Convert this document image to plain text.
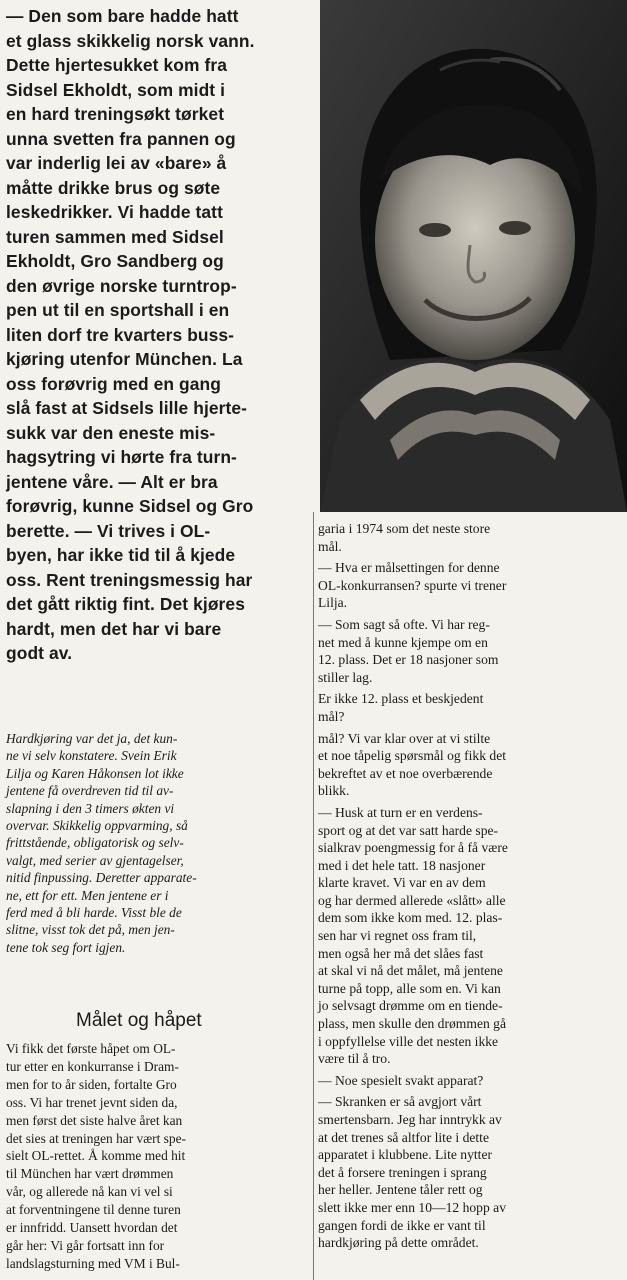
— Den som bare hadde hatt
et glass skikkelig norsk vann.
Dette hjertesukket kom fra
Sidsel Ekholdt, som midt i
en hard treningsøkt tørket
unna svetten fra pannen og
var inderlig lei av «bare» å
måtte drikke brus og søte
leskedrikker. Vi hadde tatt
turen sammen med Sidsel
Ekholdt, Gro Sandberg og
den øvrige norske turntrop-
pen ut til en sportshall i en
liten dorf tre kvarters buss-
kjøring utenfor München. La
oss forøvrig med en gang
slå fast at Sidsels lille hjerte-
sukk var den eneste mis-
hagsytring vi hørte fra turn-
jentene våre. — Alt er bra
forøvrig, kunne Sidsel og Gro
berette. — Vi trives i OL-
byen, har ikke tid til å kjede
oss. Rent treningsmessig har
det gått riktig fint. Det kjøres
hardt, men det har vi bare
godt av.
Hardkjøring var det ja, det kun-
ne vi selv konstatere. Svein Erik
Lilja og Karen Håkonsen lot ikke
jentene få overdreven tid til av-
slapning i den 3 timers økten vi
overvar. Skikkelig oppvarming, så
frittstående, obligatorisk og selv-
valgt, med serier av gjentagelser,
nitid finpussing. Deretter apparate-
ne, ett for ett. Men jentene er i
ferd med å bli harde. Visst ble de
slitne, visst tok det på, men jen-
tene tok seg fort igjen.
Målet og håpet
Vi fikk det første håpet om OL-
tur etter en konkurranse i Dram-
men for to år siden, fortalte Gro
oss. Vi har trenet jevnt siden da,
men først det siste halve året kan
det sies at treningen har vært spe-
sielt OL-rettet. Å komme med hit
til München har vært drømmen
vår, og allerede nå kan vi vel si
at forventningene til denne turen
er innfridd. Uansett hvordan det
går her: Vi går fortsatt inn for
landslagsturning med VM i Bul-
garia i 1974 som det neste store
mål.
— Hva er målsettingen for denne
OL-konkurransen? spurte vi trener
Lilja.
— Som sagt så ofte. Vi har reg-
net med å kunne kjempe om en
12. plass. Det er 18 nasjoner som
stiller lag.
Er ikke 12. plass et beskjedent
mål?
mål? Vi var klar over at vi stilte
et noe tåpelig spørsmål og fikk det
bekreftet av et noe overbærende
blikk.
— Husk at turn er en verdens-
sport og at det var satt harde spe-
sialkrav poengmessig for å få være
med i det hele tatt. 18 nasjoner
klarte kravet. Vi var en av dem
og har dermed allerede «slått» alle
dem som ikke kom med. 12. plas-
sen har vi regnet oss fram til,
men også her må det slåes fast
at skal vi nå det målet, må jentene
turne på topp, alle som en. Vi kan
jo selvsagt drømme om en tiende-
plass, men skulle den drømmen gå
i oppfyllelse ville det nesten ikke
være til å tro.
— Noe spesielt svakt apparat?
— Skranken er så avgjort vårt
smertensbarn. Jeg har inntrykk av
at det trenes så altfor lite i dette
apparatet i klubbene. Lite nytter
det å forsere treningen i sprang
her heller. Jentene tåler rett og
slett ikke mer enn 10—12 hopp av
gangen fordi de ikke er vant til
hardkjøring på dette området.
